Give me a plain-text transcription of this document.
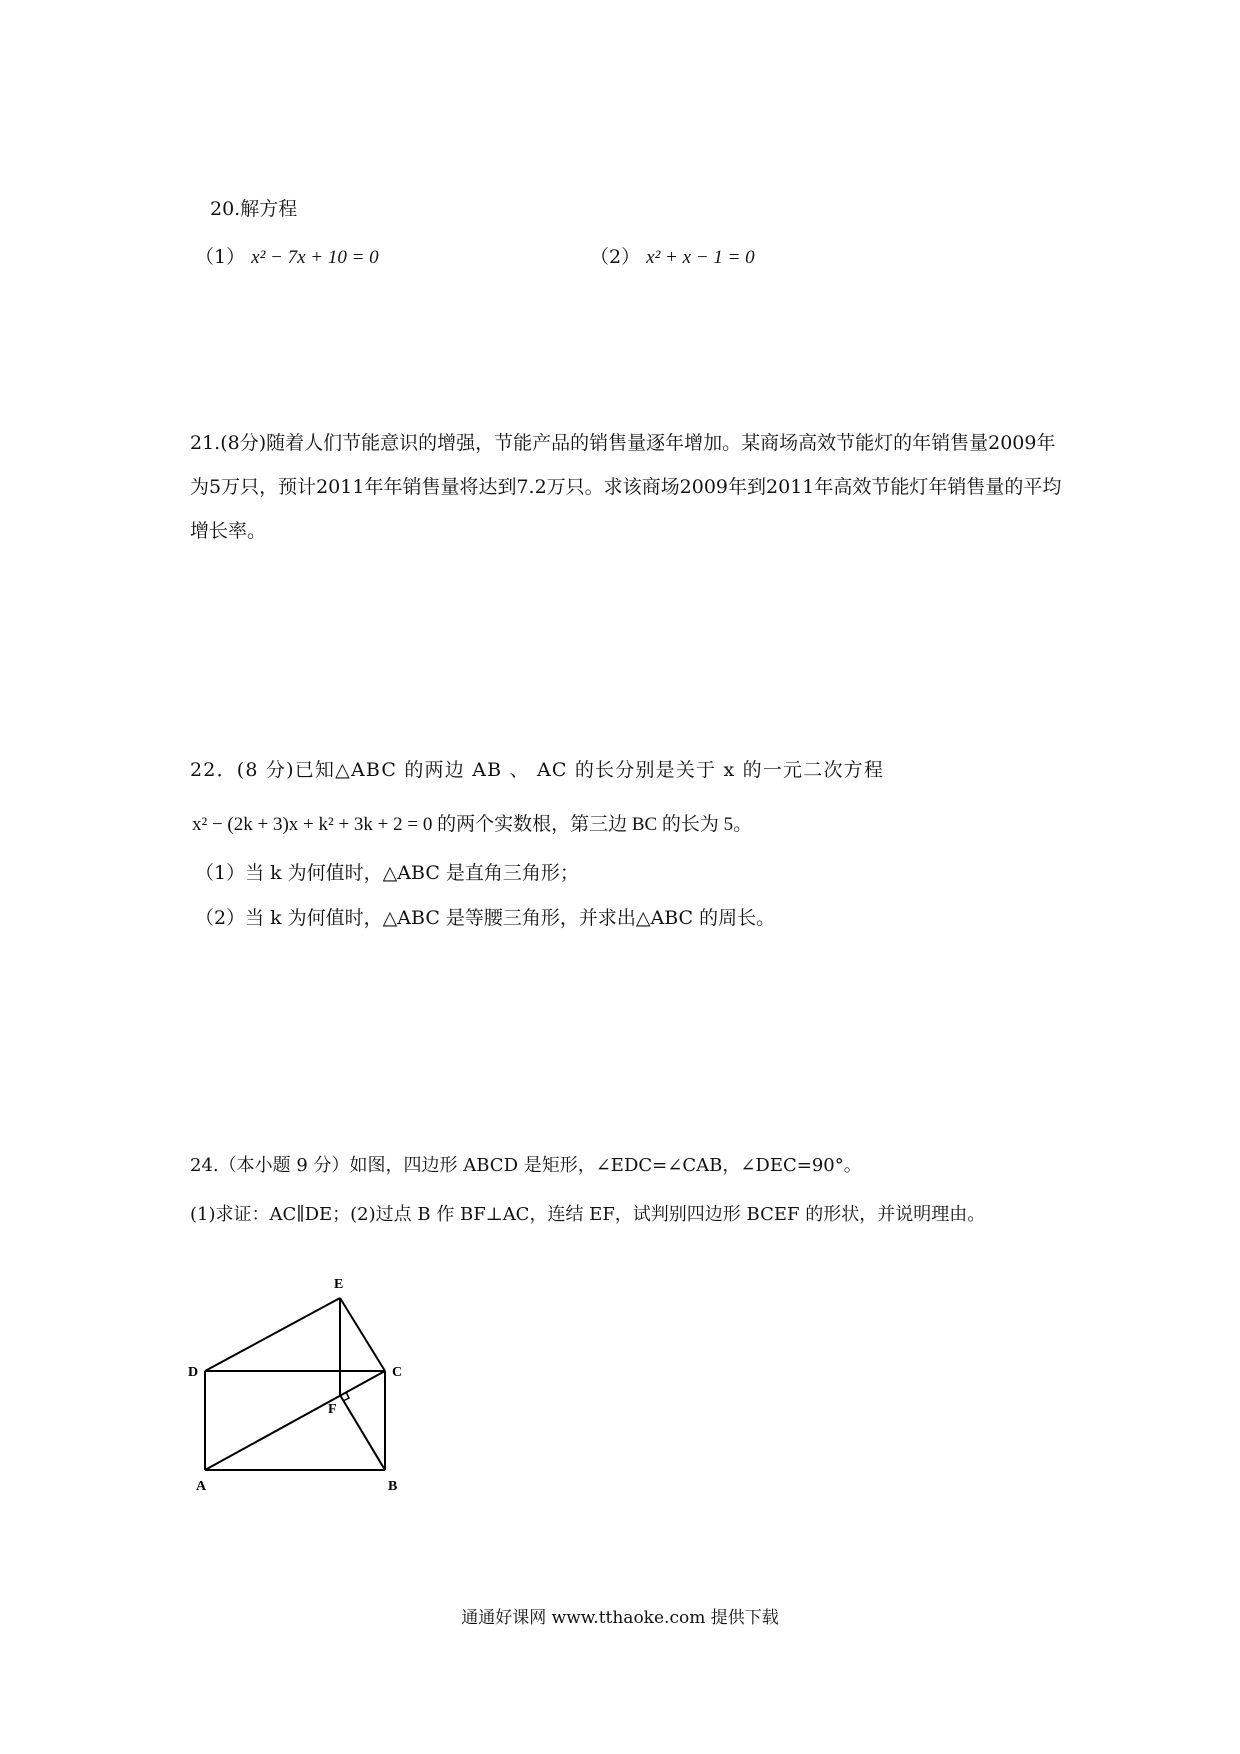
20.解方程
（1） x² − 7x + 10 = 0	（2） x² + x − 1 = 0
21.(8分)随着人们节能意识的增强，节能产品的销售量逐年增加。某商场高效节能灯的年销售量2009年为5万只，预计2011年年销售量将达到7.2万只。求该商场2009年到2011年高效节能灯年销售量的平均增长率。
22．(8 分)已知△ABC 的两边 AB 、 AC 的长分别是关于 x 的一元二次方程
x² − (2k + 3)x + k² + 3k + 2 = 0 的两个实数根，第三边 BC 的长为 5。
（1）当 k 为何值时，△ABC 是直角三角形；
（2）当 k 为何值时，△ABC 是等腰三角形，并求出△ABC 的周长。
24.（本小题 9 分）如图，四边形 ABCD 是矩形，∠EDC=∠CAB，∠DEC=90°。
(1)求证：AC∥DE；(2)过点 B 作 BF⊥AC，连结 EF，试判别四边形 BCEF 的形状，并说明理由。
E
D	C
F
A	B
通通好课网 www.tthaoke.com 提供下载
